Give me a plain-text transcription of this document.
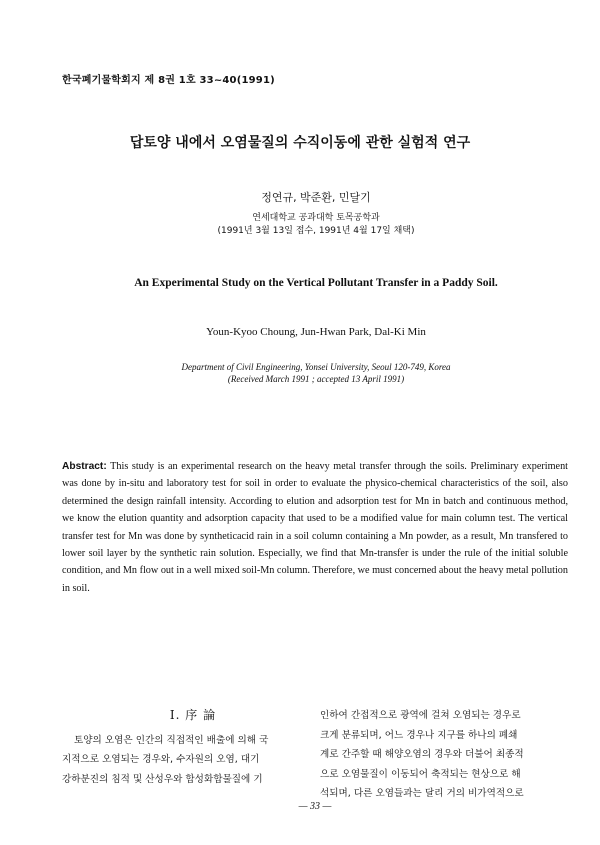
한국폐기물학회지 제 8권 1호 33~40(1991)
답토양 내에서 오염물질의 수직이동에 관한 실험적 연구
정연규, 박준환, 민달기
연세대학교 공과대학 토목공학과
(1991년 3월 13일 접수, 1991년 4월 17일 채택)
An Experimental Study on the Vertical Pollutant Transfer in a Paddy Soil.
Youn-Kyoo Choung, Jun-Hwan Park, Dal-Ki Min
Department of Civil Engineering, Yonsei University, Seoul 120-749, Korea
(Received March 1991 ; accepted 13 April 1991)
Abstract: This study is an experimental research on the heavy metal transfer through the soils. Preliminary experiment was done by in-situ and laboratory test for soil in order to evaluate the physico-chemical characteristics of the soil, also determined the design rainfall intensity. According to elution and adsorption test for Mn in batch and continuous method, we know the elution quantity and adsorption capacity that used to be a modified value for main column test. The vertical transfer test for Mn was done by syntheticacid rain in a soil column containing a Mn powder, as a result, Mn transfered to lower soil layer by the synthetic rain solution. Especially, we find that Mn-transfer is under the rule of the initial soluble condition, and Mn flow out in a well mixed soil-Mn column. Therefore, we must concerned about the heavy metal pollution in soil.
I. 序 論
토양의 오염은 인간의 직접적인 배출에 의해 국
지적으로 오염되는 경우와, 수자원의 오염, 대기
강하분진의 침적 및 산성우와 합성화합물질에 기
인하여 간접적으로 광역에 걸쳐 오염되는 경우로
크게 분류되며, 어느 경우나 지구를 하나의 폐쇄
계로 간주할 때 해양오염의 경우와 더불어 최종적
으로 오염물질이 이동되어 축적되는 현상으로 해
석되며, 다른 오염들과는 달리 거의 비가역적으로
— 33 —
